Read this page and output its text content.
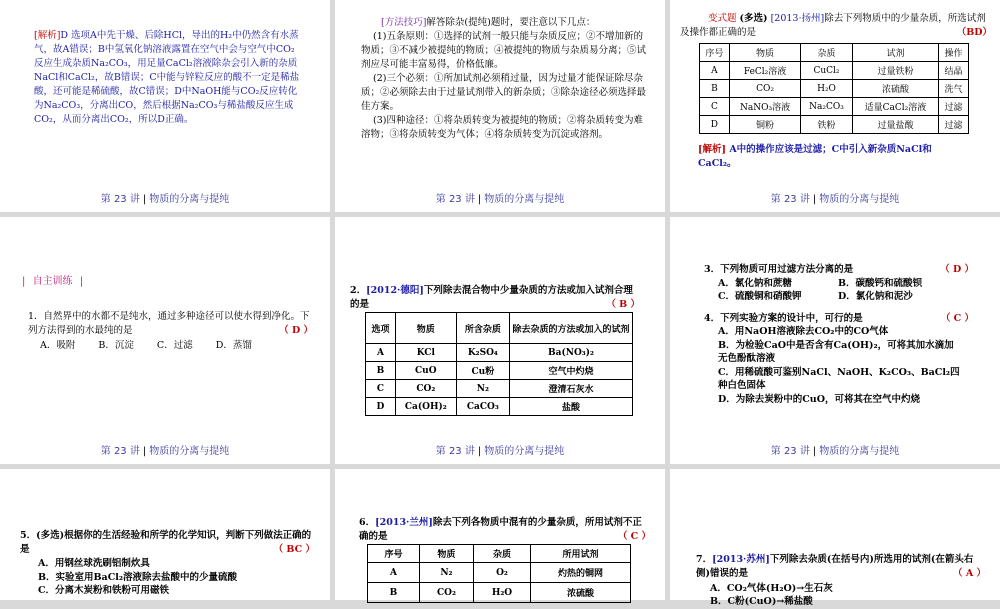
[解析]D 选项A中先干燥、后除HCl，导出的H₂中仍然含有水蒸气，故A错误；B中氢氧化钠溶液露置在空气中会与空气中CO₂反应生成杂质Na₂CO₃，用足量CaCl₂溶液除杂会引入新的杂质NaCl和CaCl₂，故B错误；C中能与锌粒反应的酸不一定是稀盐酸，还可能是稀硫酸，故C错误；D中NaOH能与CO₂反应转化为Na₂CO₃，分离出CO，然后根据Na₂CO₃与稀盐酸反应生成CO₂，从而分离出CO₂，所以D正确。
第 23 讲 | 物质的分离与提纯
[方法技巧]解答除杂(提纯)题时，要注意以下几点：
(1)五条原则：①选择的试剂一般只能与杂质反应；②不增加新的物质；③不减少被提纯的物质；④被提纯的物质与杂质易分离；⑤试剂应尽可能丰富易得，价格低廉。
(2)三个必须：①所加试剂必须稍过量，因为过量才能保证除尽杂质；②必须除去由于过量试剂带入的新杂质；③除杂途径必须选择最佳方案。
(3)四种途径：①将杂质转变为被提纯的物质；②将杂质转变为难溶物；③将杂质转变为气体；④将杂质转变为沉淀或溶剂。
第 23 讲 | 物质的分离与提纯
变式题 (多选) [2013·扬州]除去下列物质中的少量杂质，所选试剂及操作都正确的是	（BD）
序号	物质	杂质	试剂	操作
A	FeCl₂溶液	CuCl₂	过量铁粉	结晶
B	CO₂	H₂O	浓硫酸	洗气
C	NaNO₃溶液	Na₂CO₃	适量CaCl₂溶液	过滤
D	铜粉	铁粉	过量盐酸	过滤
[解析] A中的操作应该是过滤；C中引入新杂质NaCl和CaCl₂。
第 23 讲 | 物质的分离与提纯
| 自主训练 |
1．自然界中的水都不是纯水，通过多种途径可以使水得到净化。下列方法得到的水最纯的是	（ D ）
A．吸附 B．沉淀 C．过滤 D．蒸馏
第 23 讲 | 物质的分离与提纯
2．[2012·德阳]下列除去混合物中少量杂质的方法或加入试剂合理的是	（ B ）
选项	物质	所含杂质	除去杂质的方法或加入的试剂
A	KCl	K₂SO₄	Ba(NO₃)₂
B	CuO	Cu粉	空气中灼烧
C	CO₂	N₂	澄清石灰水
D	Ca(OH)₂	CaCO₃	盐酸
第 23 讲 | 物质的分离与提纯
3．下列物质可用过滤方法分离的是	（ D ）
A．氯化钠和蔗糖	B．碳酸钙和硫酸钡
C．硫酸铜和硝酸钾	D．氯化钠和泥沙
4．下列实验方案的设计中，可行的是	（ C ）
A．用NaOH溶液除去CO₂中的CO气体
B．为检验CaO中是否含有Ca(OH)₂，可将其加水滴加无色酚酞溶液
C．用稀硫酸可鉴别NaCl、NaOH、K₂CO₃、BaCl₂四种白色固体
D．为除去炭粉中的CuO，可将其在空气中灼烧
第 23 讲 | 物质的分离与提纯
5．(多选)根据你的生活经验和所学的化学知识，判断下列做法正确的是	（ BC ）
A．用钢丝球洗刷铝制炊具
B．实验室用BaCl₂溶液除去盐酸中的少量硫酸
C．分离木炭粉和铁粉可用磁铁
6．[2013·兰州]除去下列各物质中混有的少量杂质，所用试剂不正确的是	（ C ）
序号	物质	杂质	所用试剂
A	N₂	O₂	灼热的铜网
B	CO₂	H₂O	浓硫酸
7．[2013·苏州]下列除去杂质(在括号内)所选用的试剂(在箭头右侧)错误的是	（ A ）
A．CO₂气体(H₂O)→生石灰
B．C粉(CuO)→稀盐酸
